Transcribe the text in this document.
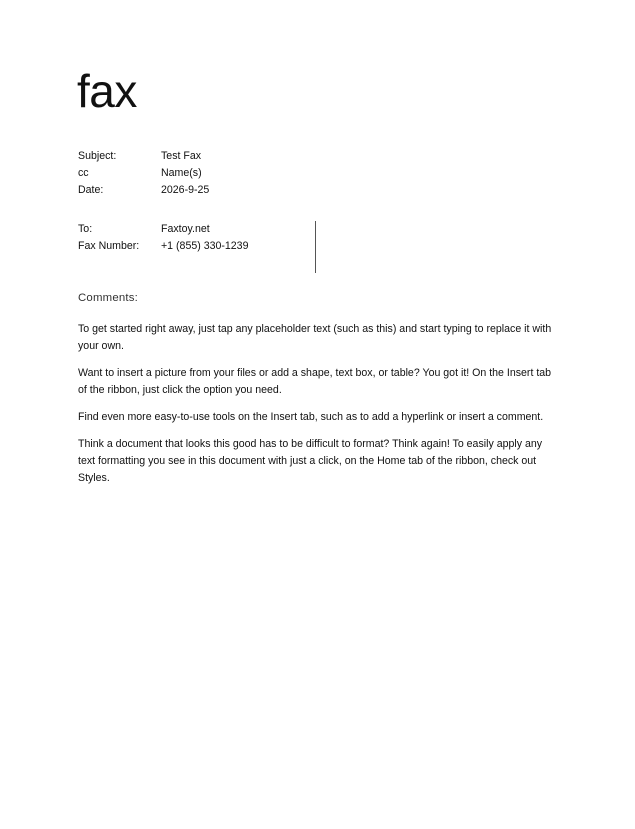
fax
Subject:	Test Fax
cc	Name(s)
Date:	2026-9-25
To:	Faxtoy.net
Fax Number:	+1 (855) 330-1239
Comments:

To get started right away, just tap any placeholder text (such as this) and start typing to replace it with your own.

Want to insert a picture from your files or add a shape, text box, or table? You got it! On the Insert tab of the ribbon, just click the option you need.

Find even more easy-to-use tools on the Insert tab, such as to add a hyperlink or insert a comment.

Think a document that looks this good has to be difficult to format? Think again! To easily apply any text formatting you see in this document with just a click, on the Home tab of the ribbon, check out Styles.
